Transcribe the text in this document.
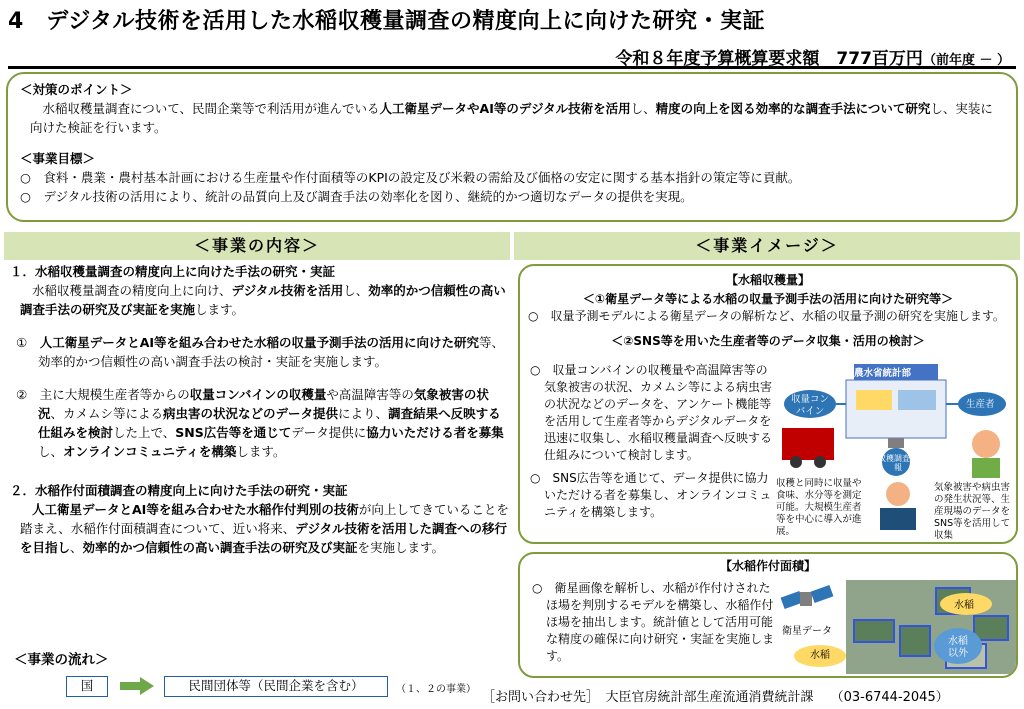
4　デジタル技術を活用した水稲収穫量調査の精度向上に向けた研究・実証
令和８年度予算概算要求額　777百万円（前年度 － ）
＜対策のポイント＞
　水稲収穫量調査について、民間企業等で利活用が進んでいる人工衛星データやAI等のデジタル技術を活用し、精度の向上を図る効率的な調査手法について研究し、実装に向けた検証を行います。
＜事業目標＞
○　食料・農業・農村基本計画における生産量や作付面積等のKPIの設定及び米穀の需給及び価格の安定に関する基本指針の策定等に貢献。
○　デジタル技術の活用により、統計の品質向上及び調査手法の効率化を図り、継続的かつ適切なデータの提供を実現。
＜事業の内容＞	＜事業イメージ＞
１．水稲収穫量調査の精度向上に向けた手法の研究・実証
水稲収穫量調査の精度向上に向け、デジタル技術を活用し、効率的かつ信頼性の高い調査手法の研究及び実証を実施します。
①　人工衛星データとAI等を組み合わせた水稲の収量予測手法の活用に向けた研究等、効率的かつ信頼性の高い調査手法の検討・実証を実施します。
②　主に大規模生産者等からの収量コンバインの収穫量や高温障害等の気象被害の状況、カメムシ等による病虫害の状況などのデータ提供により、調査結果へ反映する仕組みを検討した上で、SNS広告等を通じてデータ提供に協力いただける者を募集し、オンラインコミュニティを構築します。
２．水稲作付面積調査の精度向上に向けた手法の研究・実証
人工衛星データとAI等を組み合わせた水稲作付判別の技術が向上してきていることを踏まえ、水稲作付面積調査について、近い将来、デジタル技術を活用した調査への移行を目指し、効率的かつ信頼性の高い調査手法の研究及び実証を実施します。
＜事業の流れ＞
国	民間団体等（民間企業を含む）	（１、２の事業）
［お問い合わせ先］　大臣官房統計部生産流通消費統計課　 （03-6744-2045）
【水稲収穫量】
＜①衛星データ等による水稲の収量予測手法の活用に向けた研究等＞
○　収量予測モデルによる衛星データの解析など、水稲の収量予測の研究を実施します。
＜②SNS等を用いた生産者等のデータ収集・活用の検討＞
○　収量コンバインの収穫量や高温障害等の気象被害の状況、カメムシ等による病虫害の状況などのデータを、アンケート機能等を活用して生産者等からデジタルデータを迅速に収集し、水稲収穫量調査へ反映する仕組みについて検討します。
○　SNS広告等を通じて、データ提供に協力いただける者を募集し、オンラインコミュニティを構築します。
農水省統計部
収量コンバイン
生産者
収穫調査情報
収穫と同時に収量や食味、水分等を測定可能。大規模生産者等を中心に導入が進展。
気象被害や病虫害の発生状況等、生産現場のデータをSNS等を活用して収集
【水稲作付面積】
○　衛星画像を解析し、水稲が作付けされたほ場を判別するモデルを構築し、水稲作付ほ場を抽出します。統計値として活用可能な精度の確保に向け研究・実証を実施します。
衛星データ
水稲
水稲以外
水稲
